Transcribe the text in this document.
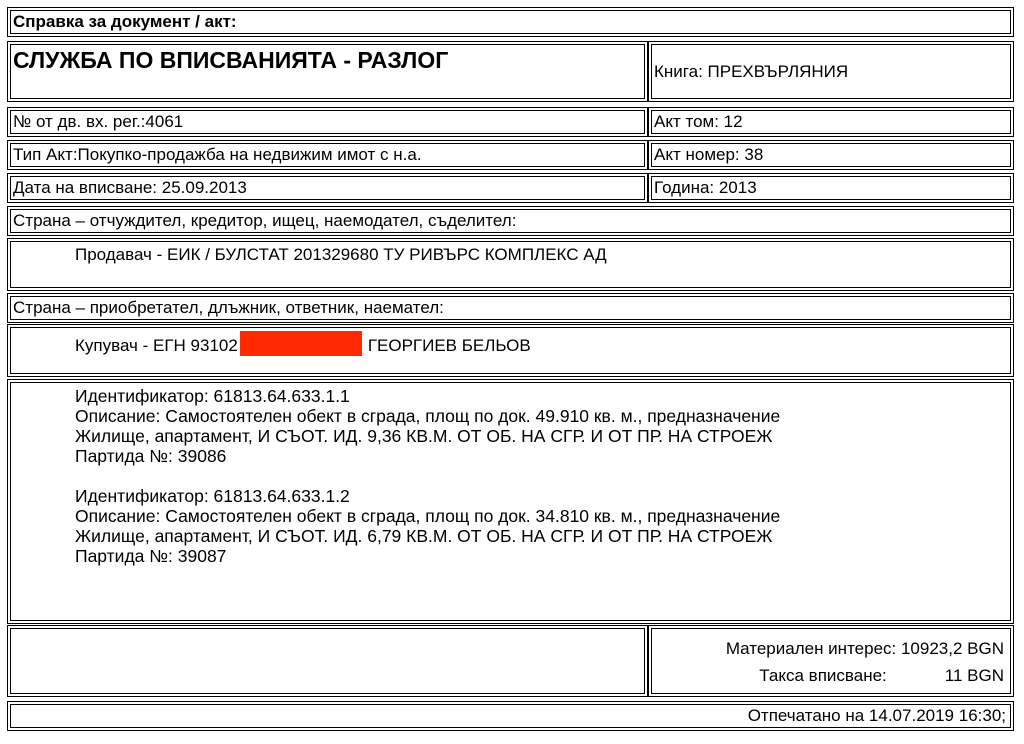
Справка за документ / акт:
СЛУЖБА ПО ВПИСВАНИЯТА - РАЗЛОГ	Книга: ПРЕХВЪРЛЯНИЯ
№ от дв. вх. рег.:4061	Акт том: 12
Тип Акт:Покупко-продажба на недвижим имот с н.а.	Акт номер: 38
Дата на вписване: 25.09.2013	Година: 2013
Страна – отчуждител, кредитор, ищец, наемодател, съделител:
Продавач - ЕИК / БУЛСТАТ 201329680 ТУ РИВЪРС КОМПЛЕКС АД
Страна – приобретател, длъжник, ответник, наемател:
Купувач - ЕГН 93102	ГЕОРГИЕВ БЕЛЬОВ

Идентификатор: 61813.64.633.1.1

Описание: Самостоятелен обект в сграда, площ по док. 49.910 кв. м., предназначение

Жилище, апартамент, И СЪОТ. ИД. 9,36 КВ.М. ОТ ОБ. НА СГР. И ОТ ПР. НА СТРОЕЖ

Партида №: 39086

Идентификатор: 61813.64.633.1.2

Описание: Самостоятелен обект в сграда, площ по док. 34.810 кв. м., предназначение

Жилище, апартамент, И СЪОТ. ИД. 6,79 КВ.М. ОТ ОБ. НА СГР. И ОТ ПР. НА СТРОЕЖ

Партида №: 39087

Материален интерес: 10923,2 BGN
Такса вписване:	11 BGN
Отпечатано на 14.07.2019 16:30;
